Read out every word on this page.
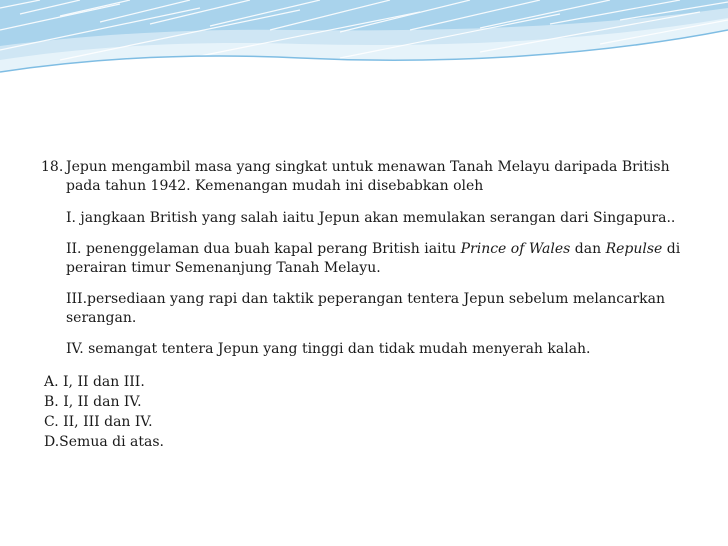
18. Jepun mengambil masa yang singkat untuk menawan Tanah Melayu daripada British pada tahun 1942. Kemenangan mudah ini disebabkan oleh
I. jangkaan British yang salah iaitu Jepun akan memulakan serangan dari Singapura..
II. penenggelaman dua buah kapal perang British iaitu Prince of Wales dan Repulse di perairan timur Semenanjung Tanah Melayu.
III.persediaan yang rapi dan taktik peperangan tentera Jepun sebelum melancarkan serangan.
IV. semangat tentera Jepun yang tinggi dan tidak mudah menyerah kalah.
A. I, II dan III.
B. I, II dan IV.
C. II, III dan IV.
D.Semua di atas.
